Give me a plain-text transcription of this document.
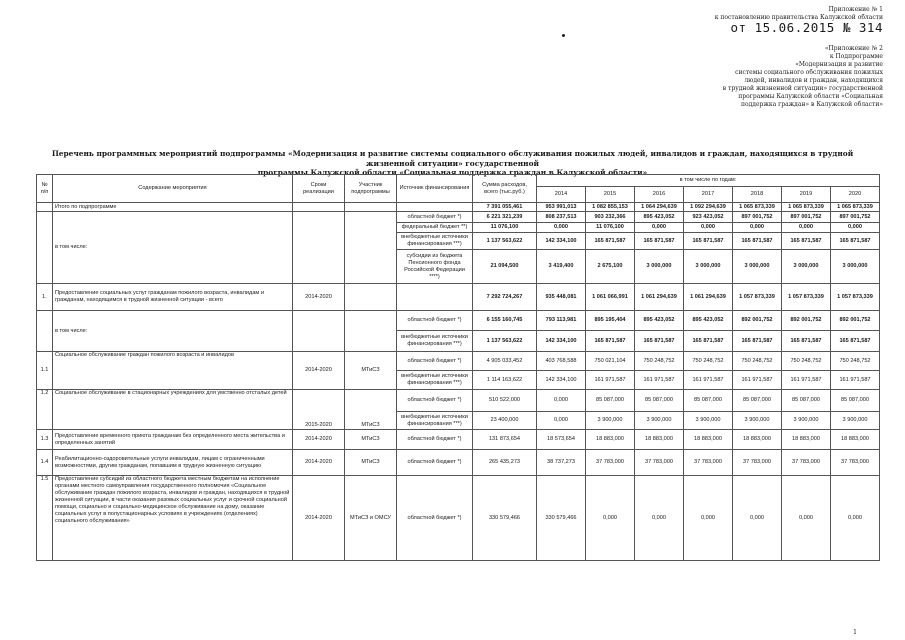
Приложение № 1
к постановлению правительства Калужской области
от 15.06.2015 № 314
«Приложение № 2
к Подпрограмме
«Модернизация и развитие
системы социального обслуживания пожилых
людей, инвалидов и граждан, находящихся
в трудной жизненной ситуации» государственной
программы Калужской области «Социальная
поддержка граждан» в Калужской области»
Перечень программных мероприятий подпрограммы «Модернизация и развитие системы социального обслуживания пожилых людей, инвалидов и граждан, находящихся в трудной жизненной ситуации» государственной
программы Калужской области «Социальная поддержка граждан в Калужской области»
№ п/п	Содержание мероприятия	Сроки реализации	Участник подпрограммы	Источник финансирования	Сумма расходов, всего (тыс.руб.)	в том числе по годам:						
						2014	2015	2016	2017	2018	2019	2020
	Итого по подпрограмме				7 391 055,461	953 991,013	1 082 855,153	1 064 294,639	1 092 294,639	1 065 873,339	1 065 873,339	1 065 873,339
	в том числе:			областной бюджет *)	6 221 321,239	808 237,513	903 232,366	895 423,052	923 423,052	897 001,752	897 001,752	897 001,752
				федеральный бюджет **)	11 076,100	0,000	11 076,100	0,000	0,000	0,000	0,000	0,000
				внебюджетные источники финансирования ***)	1 137 563,622	142 334,100	165 871,587	165 871,587	165 871,587	165 871,587	165 871,587	165 871,587
				субсидии из бюджета Пенсионного фонда Российской Федерации ****)	21 094,500	3 419,400	2 675,100	3 000,000	3 000,000	3 000,000	3 000,000	3 000,000
1.	Предоставление социальных услуг гражданам пожилого возраста, инвалидам и гражданам, находящимся в трудной жизненной ситуации - всего	2014-2020			7 292 724,267	935 448,081	1 061 066,991	1 061 294,639	1 061 294,639	1 057 873,339	1 057 873,339	1 057 873,339
	в том числе:			областной бюджет *)	6 155 160,745	793 113,981	895 195,404	895 423,052	895 423,052	892 001,752	892 001,752	892 001,752
				внебюджетные источники финансирования ***)	1 137 563,622	142 334,100	165 871,587	165 871,587	165 871,587	165 871,587	165 871,587	165 871,587
1.1	Социальное обслуживание граждан пожилого возраста и инвалидов	2014-2020	МТиСЗ	областной бюджет *)	4 905 033,452	403 768,588	750 021,104	750 248,752	750 248,752	750 248,752	750 248,752	750 248,752
				внебюджетные источники финансирования ***)	1 114 163,622	142 334,100	161 971,587	161 971,587	161 971,587	161 971,587	161 971,587	161 971,587
1.2	Социальное обслуживание в стационарных учреждениях для умственно отсталых детей	2015-2020	МТиСЗ	областной бюджет *)	510 522,000	0,000	85 087,000	85 087,000	85 087,000	85 087,000	85 087,000	85 087,000
				внебюджетные источники финансирования ***)	23 400,000	0,000	3 900,000	3 900,000	3 900,000	3 900,000	3 900,000	3 900,000
1.3	Предоставление временного приюта гражданам без определенного места жительства и определенных занятий	2014-2020	МТиСЗ	областной бюджет *)	131 873,654	18 573,654	18 883,000	18 883,000	18 883,000	18 883,000	18 883,000	18 883,000
1.4	Реабилитационно-оздоровительные услуги инвалидам, лицам с ограниченными возможностями, другим гражданам, попавшим в трудную жизненную ситуацию	2014-2020	МТиСЗ	областной бюджет *)	265 435,273	38 737,273	37 783,000	37 783,000	37 783,000	37 783,000	37 783,000	37 783,000
1.5	Предоставление субсидий из областного бюджета местным бюджетам на исполнение органами местного самоуправления государственного полномочия «Социальное обслуживание граждан пожилого возраста, инвалидов и граждан, находящихся в трудной жизненной ситуации, в части оказания разовых социальных услуг и срочной социальной помощи, социально и социально-медицинское обслуживание на дому, оказание социальных услуг в полустационарных условиях в учреждениях (отделениях) социального обслуживания»	2014-2020	МТиСЗ и ОМСУ	областной бюджет *)	330 579,466	330 579,466	0,000	0,000	0,000	0,000	0,000	0,000
1
